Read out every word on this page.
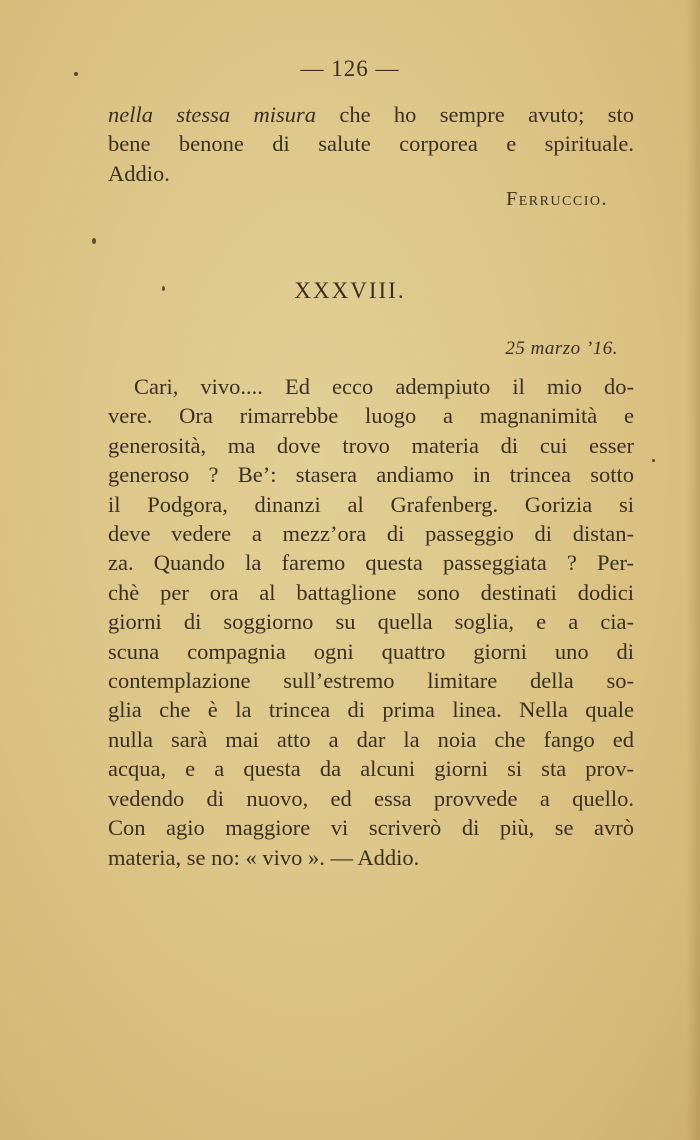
— 126 —
nella stessa misura che ho sempre avuto; sto
bene benone di salute corporea e spirituale.
Addio.
Ferruccio.
XXXVIII.
25 marzo ’16.
Cari, vivo.... Ed ecco adempiuto il mio do-
vere. Ora rimarrebbe luogo a magnanimità e
generosità, ma dove trovo materia di cui esser
generoso ? Be’: stasera andiamo in trincea sotto
il Podgora, dinanzi al Grafenberg. Gorizia si
deve vedere a mezz’ora di passeggio di distan-
za. Quando la faremo questa passeggiata ? Per-
chè per ora al battaglione sono destinati dodici
giorni di soggiorno su quella soglia, e a cia-
scuna compagnia ogni quattro giorni uno di
contemplazione sull’estremo limitare della so-
glia che è la trincea di prima linea. Nella quale
nulla sarà mai atto a dar la noia che fango ed
acqua, e a questa da alcuni giorni si sta prov-
vedendo di nuovo, ed essa provvede a quello.
Con agio maggiore vi scriverò di più, se avrò
materia, se no: « vivo ». — Addio.
